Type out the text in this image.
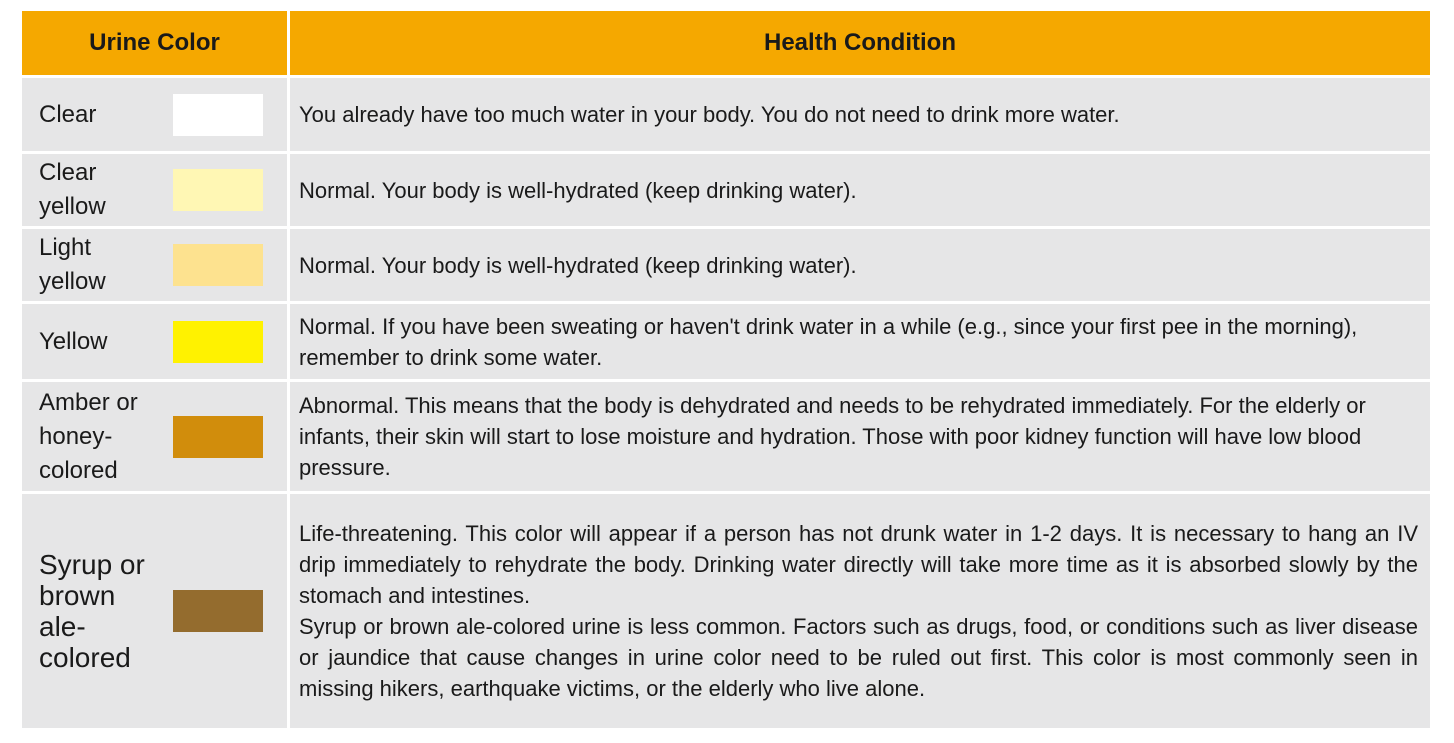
Urine Color	Health Condition
Clear	You already have too much water in your body. You do not need to drink more water.
Clear yellow
Normal. Your body is well-hydrated (keep drinking water).
Light yellow
Normal. Your body is well-hydrated (keep drinking water).
Yellow
Normal. If you have been sweating or haven't drink water in a while (e.g., since your first pee in the morning), remember to drink some water.
Amber or honey-colored
Abnormal. This means that the body is dehydrated and needs to be rehydrated immediately. For the elderly or infants, their skin will start to lose moisture and hydration. Those with poor kidney function will have low blood pressure.
Syrup or brown ale-colored
Life-threatening. This color will appear if a person has not drunk water in 1-2 days. It is necessary to hang an IV drip immediately to rehydrate the body. Drinking water directly will take more time as it is absorbed slowly by the stomach and intestines.
Syrup or brown ale-colored urine is less common. Factors such as drugs, food, or conditions such as liver disease or jaundice that cause changes in urine color need to be ruled out first. This color is most commonly seen in missing hikers, earthquake victims, or the elderly who live alone.
